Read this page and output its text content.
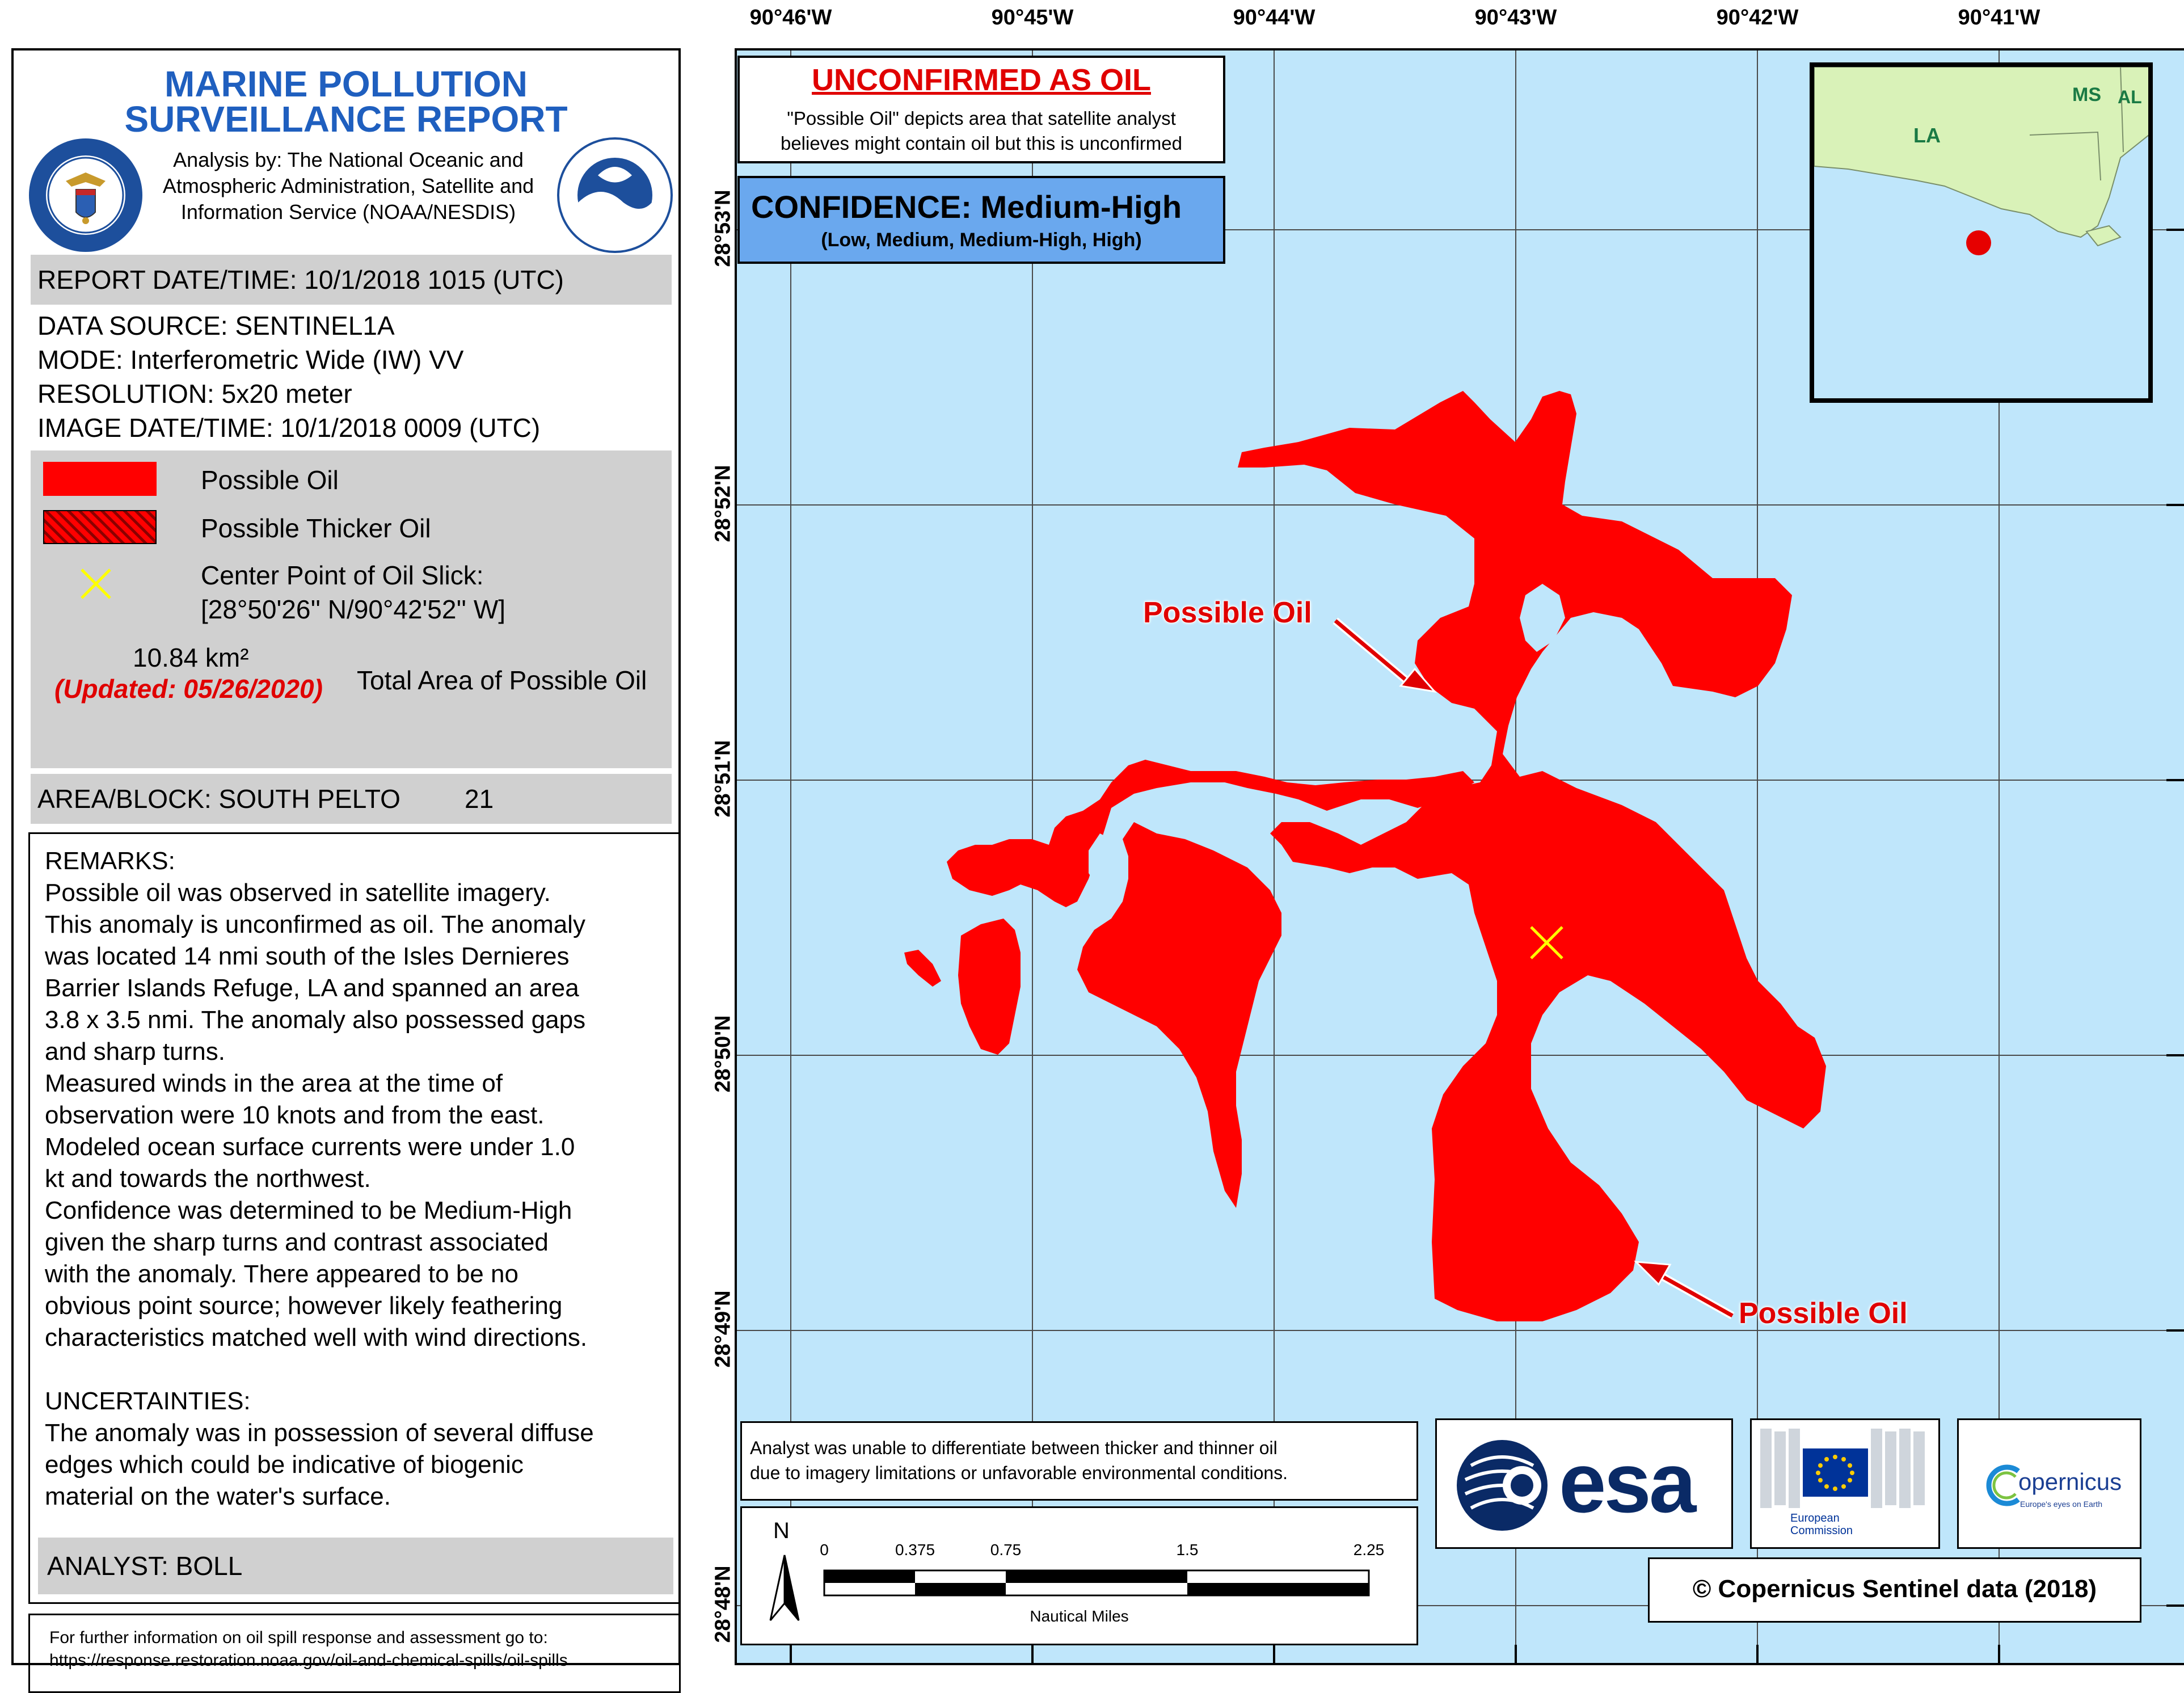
MARINE POLLUTION
SURVEILLANCE REPORT
Analysis by: The National Oceanic and
Atmospheric Administration, Satellite and
Information Service (NOAA/NESDIS)
REPORT DATE/TIME: 10/1/2018 1015 (UTC)
DATA SOURCE: SENTINEL1A
MODE: Interferometric Wide (IW) VV
RESOLUTION: 5x20 meter
IMAGE DATE/TIME: 10/1/2018 0009 (UTC)
Possible Oil
Possible Thicker Oil
Center Point of Oil Slick:
[28°50'26'' N/90°42'52'' W]
10.84 km²
(Updated: 05/26/2020) Total Area of Possible Oil
AREA/BLOCK: SOUTH PELTO 21
REMARKS:
Possible oil was observed in satellite imagery.
This anomaly is unconfirmed as oil. The anomaly
was located 14 nmi south of the Isles Dernieres
Barrier Islands Refuge, LA and spanned an area
3.8 x 3.5 nmi. The anomaly also possessed gaps
and sharp turns.
Measured winds in the area at the time of
observation were 10 knots and from the east.
Modeled ocean surface currents were under 1.0
kt and towards the northwest.
Confidence was determined to be Medium-High
given the sharp turns and contrast associated
with the anomaly. There appeared to be no
obvious point source; however likely feathering
characteristics matched well with wind directions.
UNCERTAINTIES:
The anomaly was in possession of several diffuse
edges which could be indicative of biogenic
material on the water's surface.
ANALYST: BOLL
For further information on oil spill response and assessment go to:
https://response.restoration.noaa.gov/oil-and-chemical-spills/oil-spills
90°46'W	90°45'W	90°44'W	90°43'W	90°42'W	90°41'W
28°53'N
28°52'N
28°51'N
28°50'N
28°49'N
28°48'N
Possible Oil
Possible Oil
UNCONFIRMED AS OIL
"Possible Oil" depicts area that satellite analyst
believes might contain oil but this is unconfirmed
CONFIDENCE: Medium-High
(Low, Medium, Medium-High, High)
LA
MS AL
Analyst was unable to differentiate between thicker and thinner oil
due to imagery limitations or unfavorable environmental conditions.
N
0	0.375	0.75	1.5	2.25
Nautical Miles
esa	European
Commission
opernicus
Europe's eyes on Earth
© Copernicus Sentinel data (2018)
